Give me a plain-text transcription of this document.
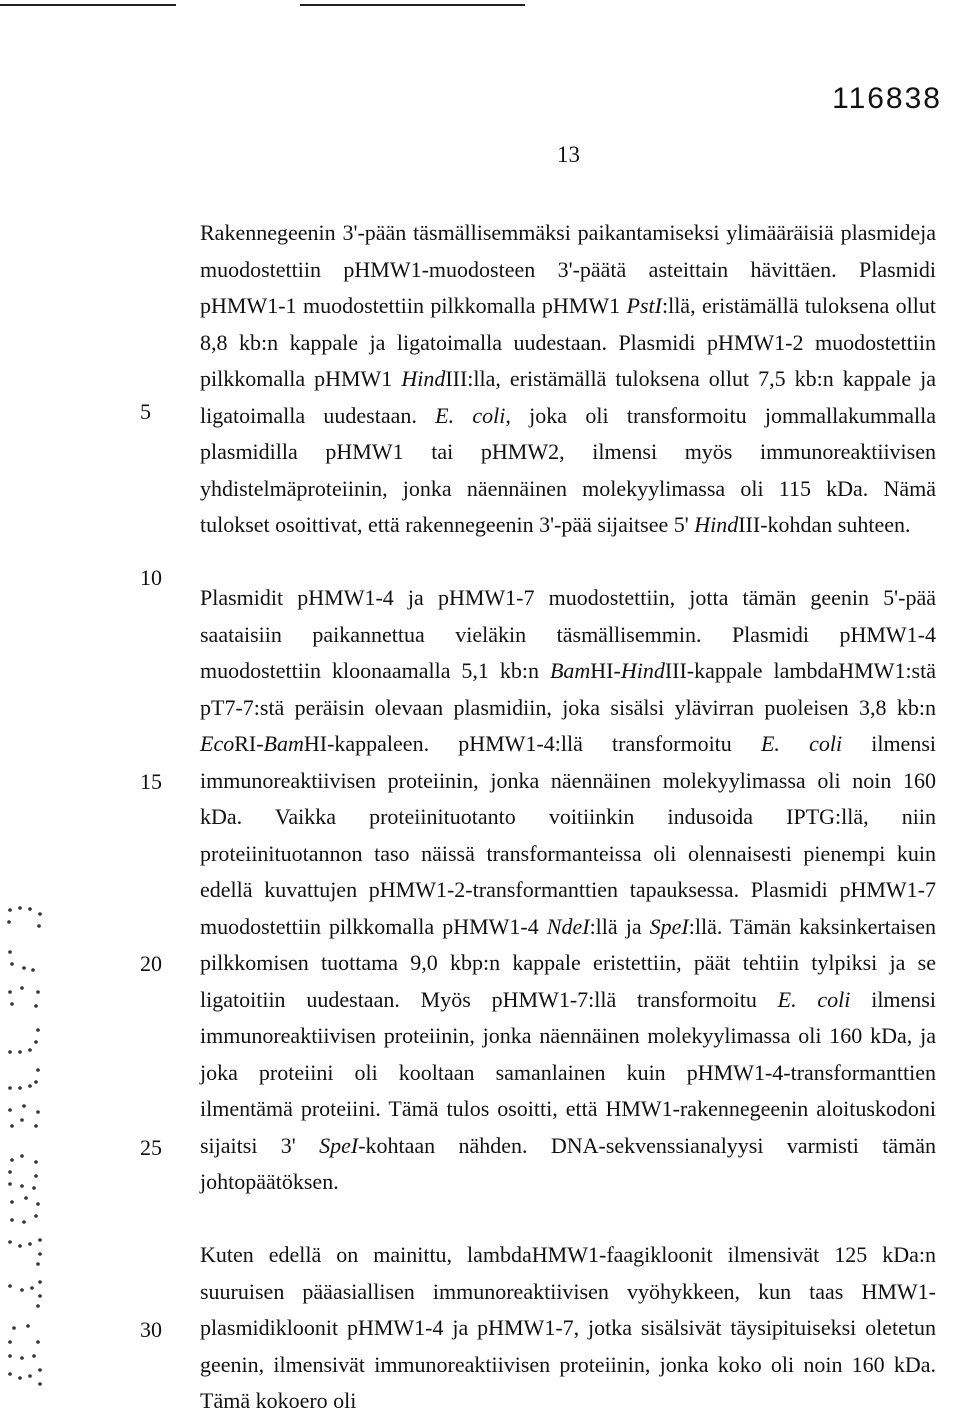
116838
13
5
10
15
20
25
30

Rakennegeenin 3'-pään täsmällisemmäksi paikantamiseksi ylimääräisiä plasmideja muodostettiin pHMW1-muodosteen 3'-päätä asteittain hävittäen. Plasmidi pHMW1-1 muodostettiin pilkkomalla pHMW1 PstI:llä, eristämällä tuloksena ollut 8,8 kb:n kappale ja ligatoimalla uudestaan. Plasmidi pHMW1-2 muodostettiin pilkkomalla pHMW1 HindIII:lla, eristämällä tuloksena ollut 7,5 kb:n kappale ja ligatoimalla uudestaan. E. coli, joka oli transformoitu jommallakummalla plasmidilla pHMW1 tai pHMW2, ilmensi myös immunoreaktiivisen yhdistelmäproteiinin, jonka näennäinen molekyylimassa oli 115 kDa. Nämä tulokset osoittivat, että rakennegeenin 3'-pää sijaitsee 5' HindIII-kohdan suhteen.

Plasmidit pHMW1-4 ja pHMW1-7 muodostettiin, jotta tämän geenin 5'-pää saataisiin paikannettua vieläkin täsmällisemmin. Plasmidi pHMW1-4 muodostettiin kloonaamalla 5,1 kb:n BamHI-HindIII-kappale lambdaHMW1:stä pT7-7:stä peräisin olevaan plasmidiin, joka sisälsi ylävirran puoleisen 3,8 kb:n EcoRI-BamHI-kappaleen. pHMW1-4:llä transformoitu E. coli ilmensi immunoreaktiivisen proteiinin, jonka näennäinen molekyylimassa oli noin 160 kDa. Vaikka proteiinituotanto voitiinkin indusoida IPTG:llä, niin proteiinituotannon taso näissä transformanteissa oli olennaisesti pienempi kuin edellä kuvattujen pHMW1-2-transformanttien tapauksessa. Plasmidi pHMW1-7 muodostettiin pilkkomalla pHMW1-4 NdeI:llä ja SpeI:llä. Tämän kaksinkertaisen pilkkomisen tuottama 9,0 kbp:n kappale eristettiin, päät tehtiin tylpiksi ja se ligatoitiin uudestaan. Myös pHMW1-7:llä transformoitu E. coli ilmensi immunoreaktiivisen proteiinin, jonka näennäinen molekyylimassa oli 160 kDa, ja joka proteiini oli kooltaan samanlainen kuin pHMW1-4-transformanttien ilmentämä proteiini. Tämä tulos osoitti, että HMW1-rakennegeenin aloituskodoni sijaitsi 3' SpeI-kohtaan nähden. DNA-sekvenssianalyysi varmisti tämän johtopäätöksen.

Kuten edellä on mainittu, lambdaHMW1-faagikloonit ilmensivät 125 kDa:n suuruisen pääasiallisen immunoreaktiivisen vyöhykkeen, kun taas HMW1-plasmidikloonit pHMW1-4 ja pHMW1-7, jotka sisälsivät täysipituiseksi oletetun geenin, ilmensivät immunoreaktiivisen proteiinin, jonka koko oli noin 160 kDa. Tämä kokoero oli
